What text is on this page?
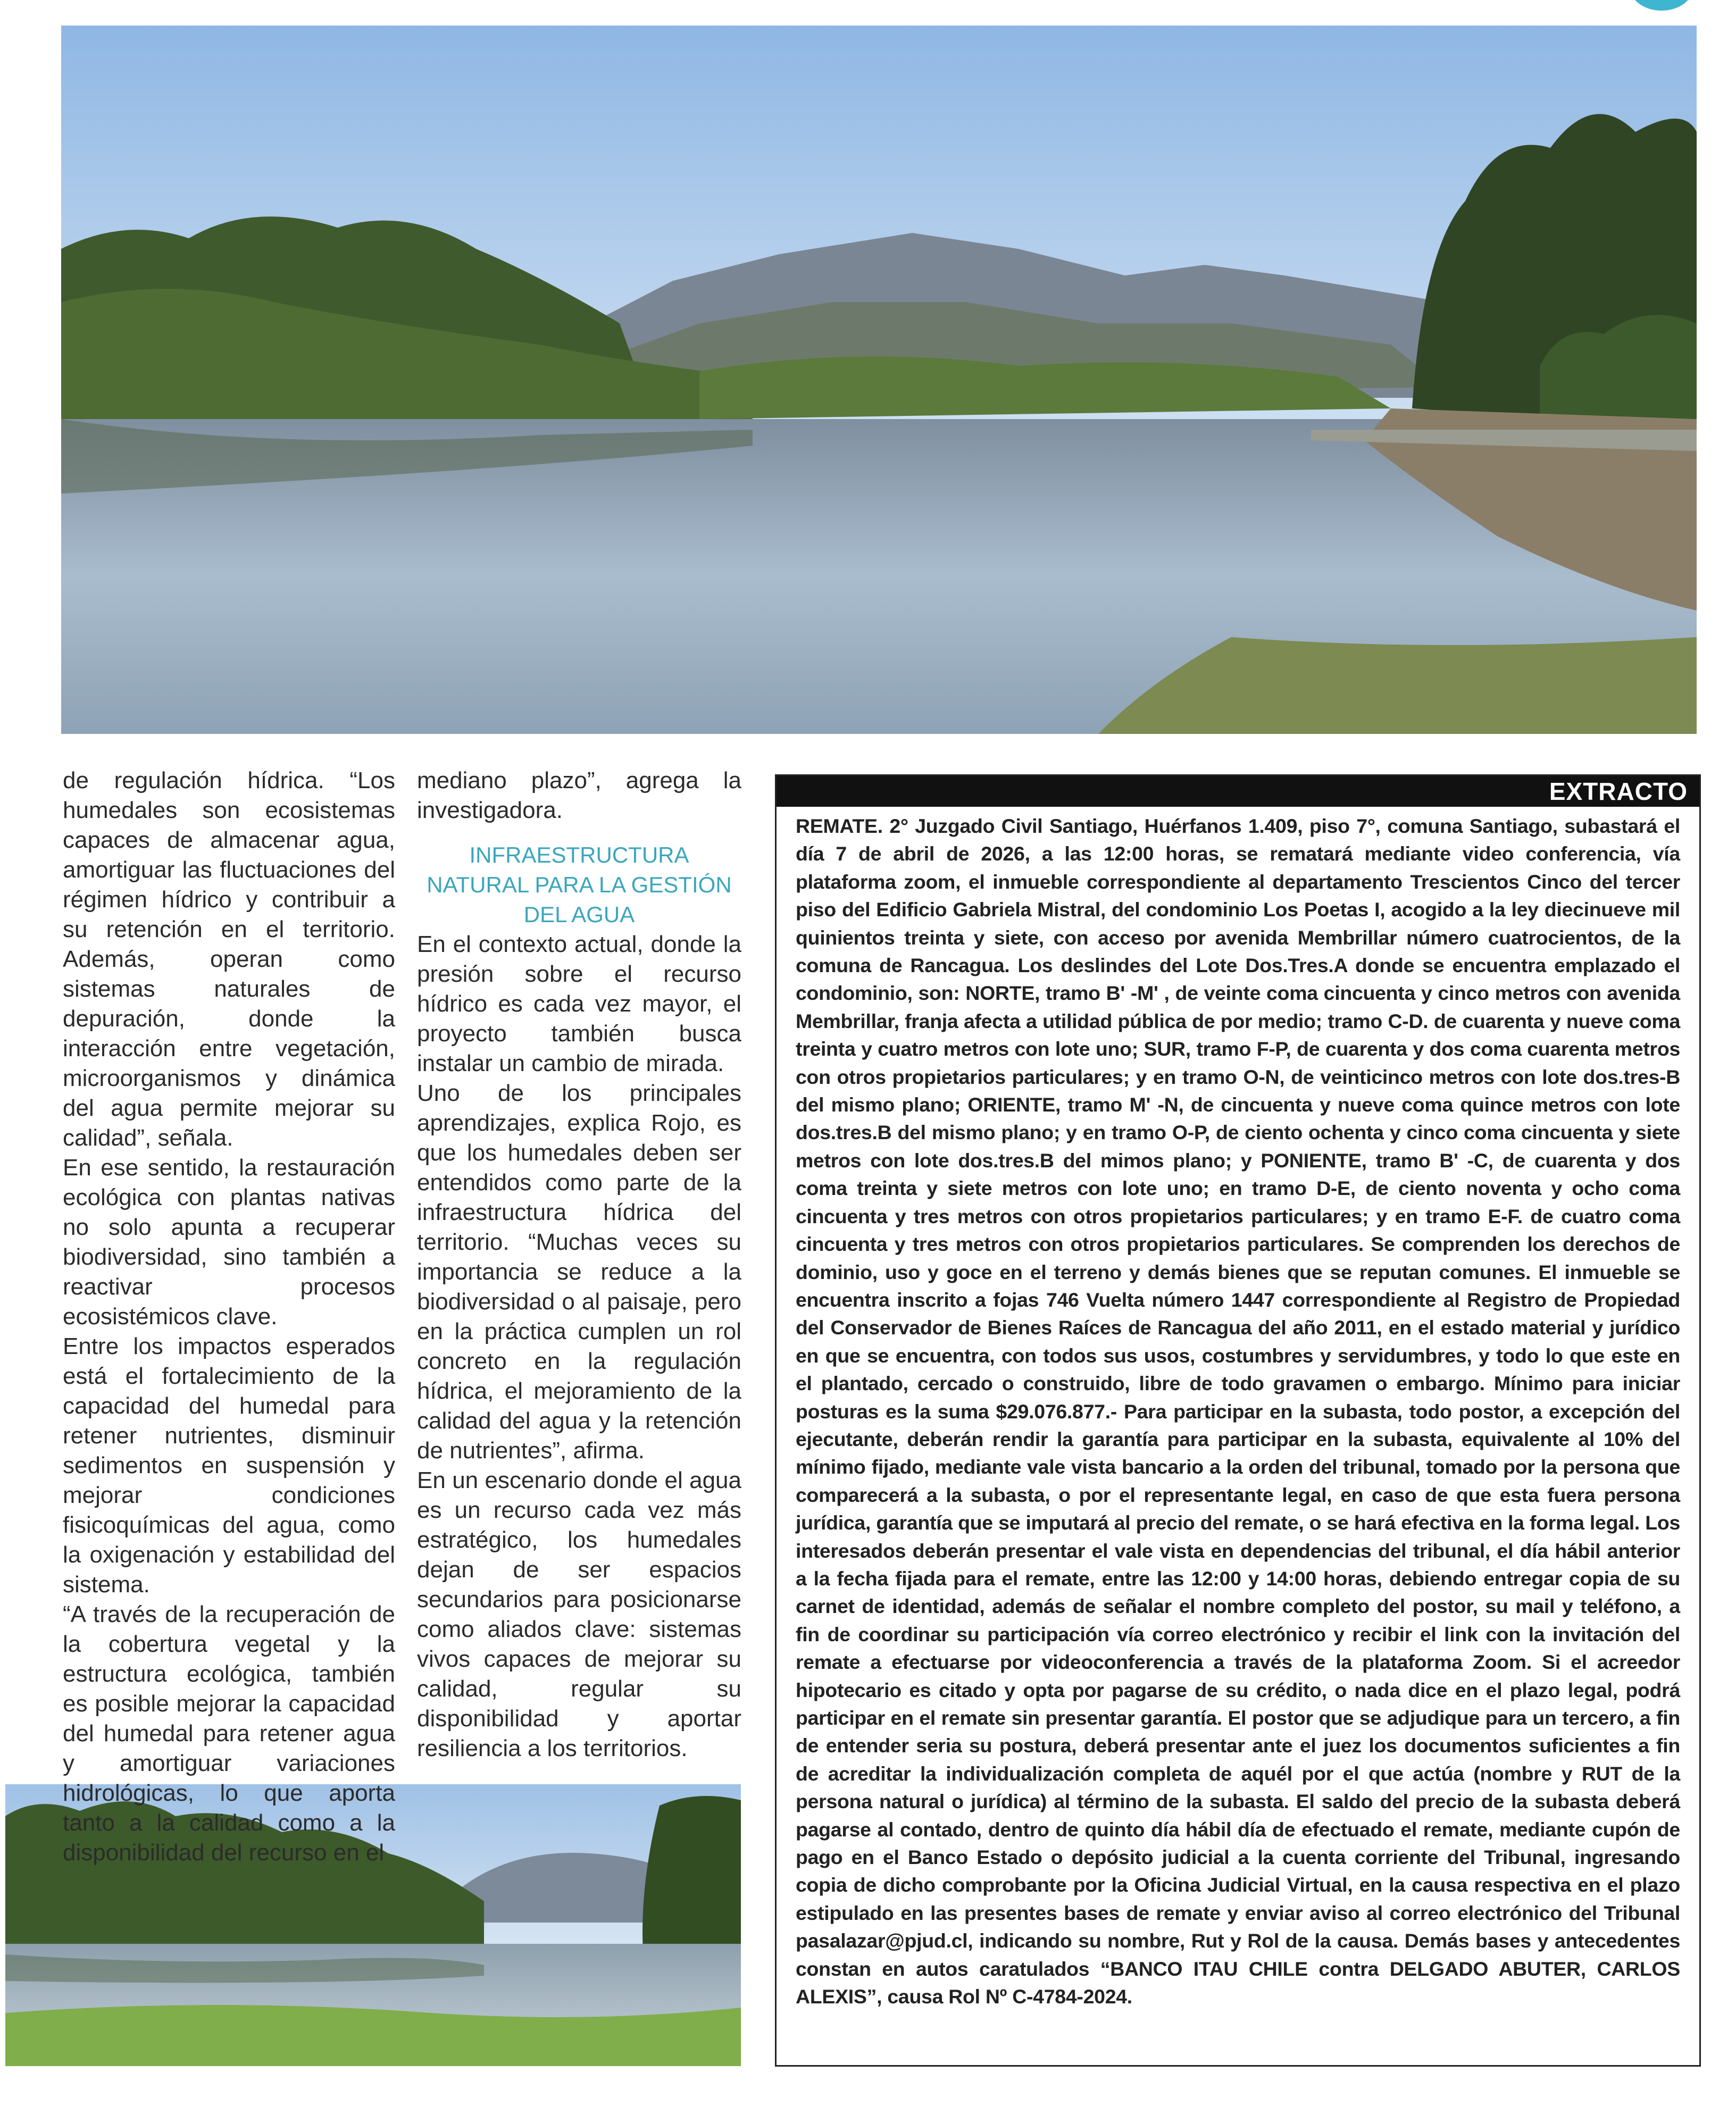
de regulación hídrica. “Los humedales son ecosistemas capaces de almacenar agua, amortiguar las fluctuaciones del régimen hídrico y contribuir a su retención en el territorio. Además, operan como sistemas naturales de depuración, donde la interacción entre vegetación, microorganismos y dinámica del agua permite mejorar su calidad”, señala.

En ese sentido, la restauración ecológica con plantas nativas no solo apunta a recuperar biodiversidad, sino también a reactivar procesos ecosistémicos clave.

Entre los impactos esperados está el fortalecimiento de la capacidad del humedal para retener nutrientes, disminuir sedimentos en suspensión y mejorar condiciones fisicoquímicas del agua, como la oxigenación y estabilidad del sistema.

“A través de la recuperación de la cobertura vegetal y la estructura ecológica, también es posible mejorar la capacidad del humedal para retener agua y amortiguar variaciones hidrológicas, lo que aporta tanto a la calidad como a la disponibilidad del recurso en el

mediano plazo”, agrega la investigadora.

INFRAESTRUCTURA NATURAL PARA LA GESTIÓN DEL AGUA

En el contexto actual, donde la presión sobre el recurso hídrico es cada vez mayor, el proyecto también busca instalar un cambio de mirada.

Uno de los principales aprendizajes, explica Rojo, es que los humedales deben ser entendidos como parte de la infraestructura hídrica del territorio. “Muchas veces su importancia se reduce a la biodiversidad o al paisaje, pero en la práctica cumplen un rol concreto en la regulación hídrica, el mejoramiento de la calidad del agua y la retención de nutrientes”, afirma.

En un escenario donde el agua es un recurso cada vez más estratégico, los humedales dejan de ser espacios secundarios para posicionarse como aliados clave: sistemas vivos capaces de mejorar su calidad, regular su disponibilidad y aportar resiliencia a los territorios.

EXTRACTO

REMATE. 2° Juzgado Civil Santiago, Huérfanos 1.409, piso 7°, comuna Santiago, subastará el día 7 de abril de 2026, a las 12:00 horas, se rematará mediante video conferencia, vía plataforma zoom, el inmueble correspondiente al departamento Trescientos Cinco del tercer piso del Edificio Gabriela Mistral, del condominio Los Poetas I, acogido a la ley diecinueve mil quinientos treinta y siete, con acceso por avenida Membrillar número cuatrocientos, de la comuna de Rancagua. Los deslindes del Lote Dos.Tres.A donde se encuentra emplazado el condominio, son: NORTE, tramo B' -M' , de veinte coma cincuenta y cinco metros con avenida Membrillar, franja afecta a utilidad pública de por medio; tramo C-D. de cuarenta y nueve coma treinta y cuatro metros con lote uno; SUR, tramo F-P, de cuarenta y dos coma cuarenta metros con otros propietarios particulares; y en tramo O-N, de veinticinco metros con lote dos.tres-B del mismo plano; ORIENTE, tramo M' -N, de cincuenta y nueve coma quince metros con lote dos.tres.B del mismo plano; y en tramo O-P, de ciento ochenta y cinco coma cincuenta y siete metros con lote dos.tres.B del mimos plano; y PONIENTE, tramo B' -C, de cuarenta y dos coma treinta y siete metros con lote uno; en tramo D-E, de ciento noventa y ocho coma cincuenta y tres metros con otros propietarios particulares; y en tramo E-F. de cuatro coma cincuenta y tres metros con otros propietarios particulares. Se comprenden los derechos de dominio, uso y goce en el terreno y demás bienes que se reputan comunes. El inmueble se encuentra inscrito a fojas 746 Vuelta número 1447 correspondiente al Registro de Propiedad del Conservador de Bienes Raíces de Rancagua del año 2011, en el estado material y jurídico en que se encuentra, con todos sus usos, costumbres y servidumbres, y todo lo que este en el plantado, cercado o construido, libre de todo gravamen o embargo. Mínimo para iniciar posturas es la suma $29.076.877.- Para participar en la subasta, todo postor, a excepción del ejecutante, deberán rendir la garantía para participar en la subasta, equivalente al 10% del mínimo fijado, mediante vale vista bancario a la orden del tribunal, tomado por la persona que comparecerá a la subasta, o por el representante legal, en caso de que esta fuera persona jurídica, garantía que se imputará al precio del remate, o se hará efectiva en la forma legal. Los interesados deberán presentar el vale vista en dependencias del tribunal, el día hábil anterior a la fecha fijada para el remate, entre las 12:00 y 14:00 horas, debiendo entregar copia de su carnet de identidad, además de señalar el nombre completo del postor, su mail y teléfono, a fin de coordinar su participación vía correo electrónico y recibir el link con la invitación del remate a efectuarse por videoconferencia a través de la plataforma Zoom. Si el acreedor hipotecario es citado y opta por pagarse de su crédito, o nada dice en el plazo legal, podrá participar en el remate sin presentar garantía. El postor que se adjudique para un tercero, a fin de entender seria su postura, deberá presentar ante el juez los documentos suficientes a fin de acreditar la individualización completa de aquél por el que actúa (nombre y RUT de la persona natural o jurídica) al término de la subasta. El saldo del precio de la subasta deberá pagarse al contado, dentro de quinto día hábil día de efectuado el remate, mediante cupón de pago en el Banco Estado o depósito judicial a la cuenta corriente del Tribunal, ingresando copia de dicho comprobante por la Oficina Judicial Virtual, en la causa respectiva en el plazo estipulado en las presentes bases de remate y enviar aviso al correo electrónico del Tribunal pasalazar@pjud.cl, indicando su nombre, Rut y Rol de la causa. Demás bases y antecedentes constan en autos caratulados “BANCO ITAU CHILE contra DELGADO ABUTER, CARLOS ALEXIS”, causa Rol Nº C-4784-2024.
